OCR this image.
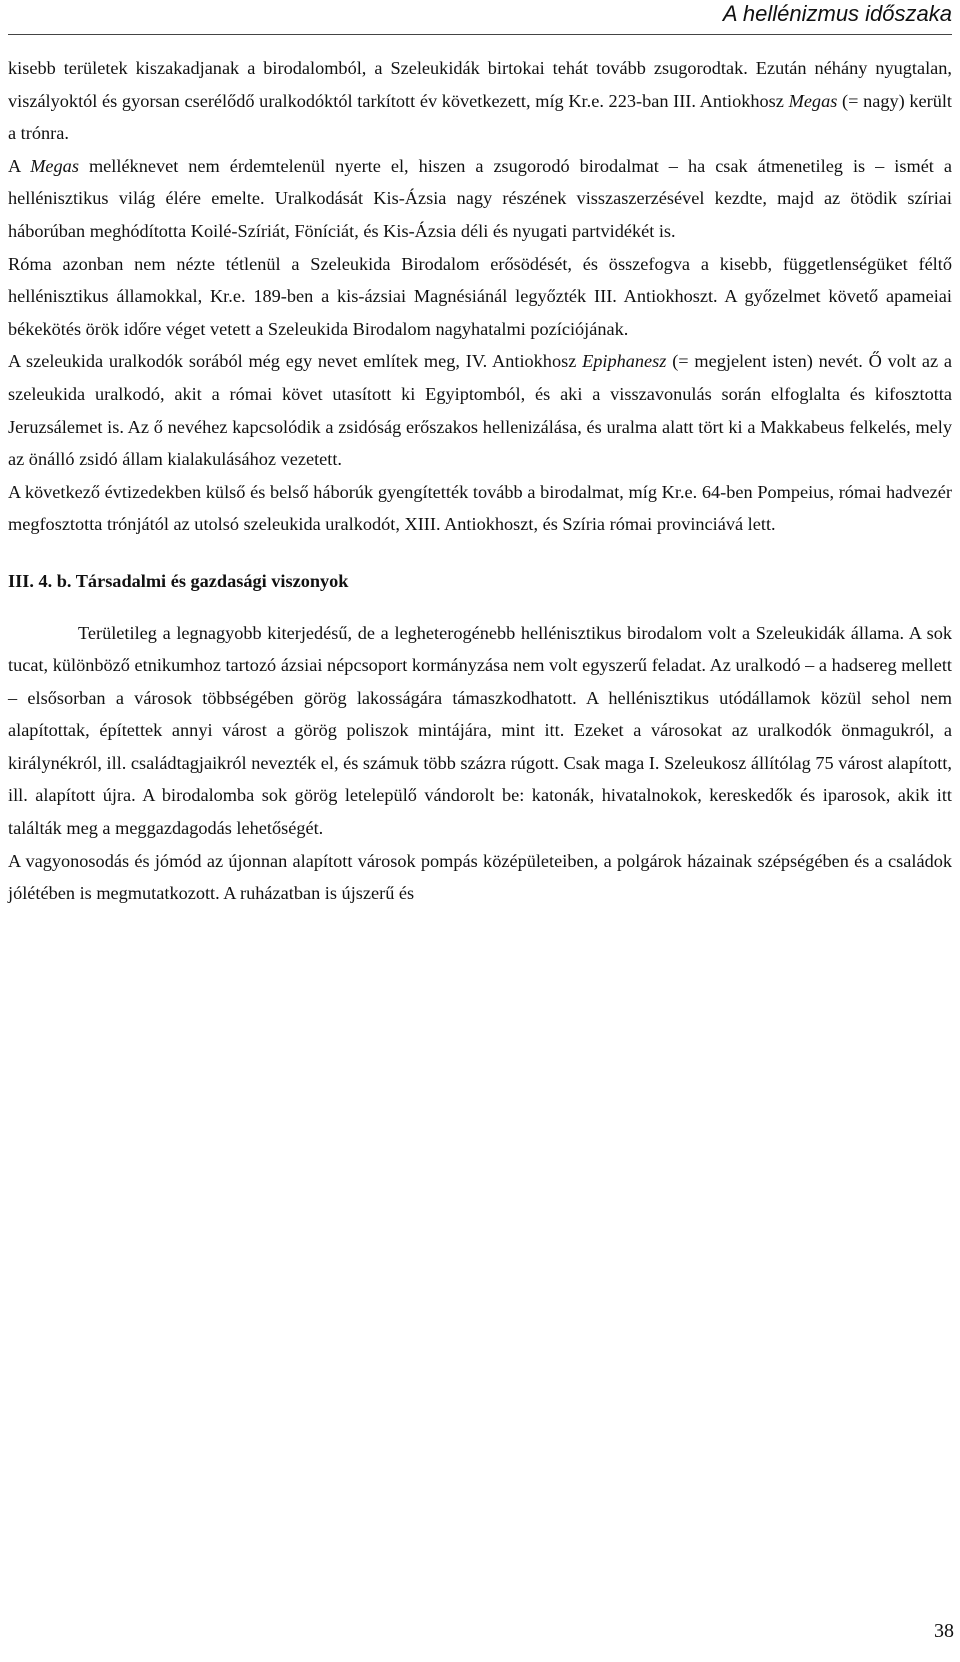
A hellénizmus időszaka

kisebb területek kiszakadjanak a birodalomból, a Szeleukidák birtokai tehát tovább zsugorodtak. Ezután néhány nyugtalan, viszályoktól és gyorsan cserélődő uralkodóktól tarkított év következett, míg Kr.e. 223-ban III. Antiokhosz Megas (= nagy) került a trónra.

A Megas melléknevet nem érdemtelenül nyerte el, hiszen a zsugorodó birodalmat – ha csak átmenetileg is – ismét a hellénisztikus világ élére emelte. Uralkodását Kis-Ázsia nagy részének visszaszerzésével kezdte, majd az ötödik szíriai háborúban meghódította Koilé-Szíriát, Föníciát, és Kis-Ázsia déli és nyugati partvidékét is.

Róma azonban nem nézte tétlenül a Szeleukida Birodalom erősödését, és összefogva a kisebb, függetlenségüket féltő hellénisztikus államokkal, Kr.e. 189-ben a kis-ázsiai Magnésiánál legyőzték III. Antiokhoszt. A győzelmet követő apameiai békekötés örök időre véget vetett a Szeleukida Birodalom nagyhatalmi pozíciójának.

A szeleukida uralkodók sorából még egy nevet említek meg, IV. Antiokhosz Epiphanesz (= megjelent isten) nevét. Ő volt az a szeleukida uralkodó, akit a római követ utasított ki Egyiptomból, és aki a visszavonulás során elfoglalta és kifosztotta Jeruzsálemet is. Az ő nevéhez kapcsolódik a zsidóság erőszakos hellenizálása, és uralma alatt tört ki a Makkabeus felkelés, mely az önálló zsidó állam kialakulásához vezetett.

A következő évtizedekben külső és belső háborúk gyengítették tovább a birodalmat, míg Kr.e. 64-ben Pompeius, római hadvezér megfosztotta trónjától az utolsó szeleukida uralkodót, XIII. Antiokhoszt, és Szíria római provinciává lett.

III. 4. b. Társadalmi és gazdasági viszonyok

Területileg a legnagyobb kiterjedésű, de a legheterogénebb hellénisztikus birodalom volt a Szeleukidák állama. A sok tucat, különböző etnikumhoz tartozó ázsiai népcsoport kormányzása nem volt egyszerű feladat. Az uralkodó – a hadsereg mellett – elsősorban a városok többségében görög lakosságára támaszkodhatott. A hellénisztikus utódállamok közül sehol nem alapítottak, építettek annyi várost a görög poliszok mintájára, mint itt. Ezeket a városokat az uralkodók önmagukról, a királynékról, ill. családtagjaikról nevezték el, és számuk több százra rúgott. Csak maga I. Szeleukosz állítólag 75 várost alapított, ill. alapított újra. A birodalomba sok görög letelepülő vándorolt be: katonák, hivatalnokok, kereskedők és iparosok, akik itt találták meg a meggazdagodás lehetőségét.

A vagyonosodás és jómód az újonnan alapított városok pompás középületeiben, a polgárok házainak szépségében és a családok jólétében is megmutatkozott. A ruházatban is újszerű és

38
